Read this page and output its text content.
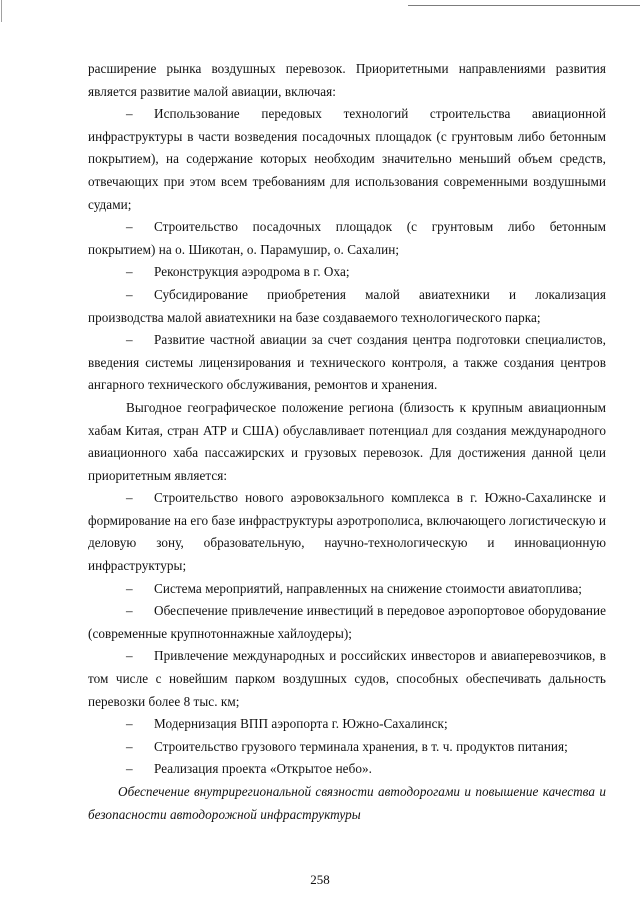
расширение рынка воздушных перевозок. Приоритетными направлениями развития является развитие малой авиации, включая:

– Использование передовых технологий строительства авиационной инфраструктуры в части возведения посадочных площадок (с грунтовым либо бетонным покрытием), на содержание которых необходим значительно меньший объем средств, отвечающих при этом всем требованиям для использования современными воздушными судами;

– Строительство посадочных площадок (с грунтовым либо бетонным покрытием) на о. Шикотан, о. Парамушир, о. Сахалин;

– Реконструкция аэродрома в г. Оха;

– Субсидирование приобретения малой авиатехники и локализация производства малой авиатехники на базе создаваемого технологического парка;

– Развитие частной авиации за счет создания центра подготовки специалистов, введения системы лицензирования и технического контроля, а также создания центров ангарного технического обслуживания, ремонтов и хранения.

Выгодное географическое положение региона (близость к крупным авиационным хабам Китая, стран АТР и США) обуславливает потенциал для создания международного авиационного хаба пассажирских и грузовых перевозок. Для достижения данной цели приоритетным является:

– Строительство нового аэровокзального комплекса в г. Южно-Сахалинске и формирование на его базе инфраструктуры аэротрополиса, включающего логистическую и деловую зону, образовательную, научно-технологическую и инновационную инфраструктуры;

– Система мероприятий, направленных на снижение стоимости авиатоплива;

– Обеспечение привлечение инвестиций в передовое аэропортовое оборудование (современные крупнотоннажные хайлоудеры);

– Привлечение международных и российских инвесторов и авиаперевозчиков, в том числе с новейшим парком воздушных судов, способных обеспечивать дальность перевозки более 8 тыс. км;

– Модернизация ВПП аэропорта г. Южно-Сахалинск;

– Строительство грузового терминала хранения, в т. ч. продуктов питания;

– Реализация проекта «Открытое небо».

Обеспечение внутрирегиональной связности автодорогами и повышение качества и безопасности автодорожной инфраструктуры

258
